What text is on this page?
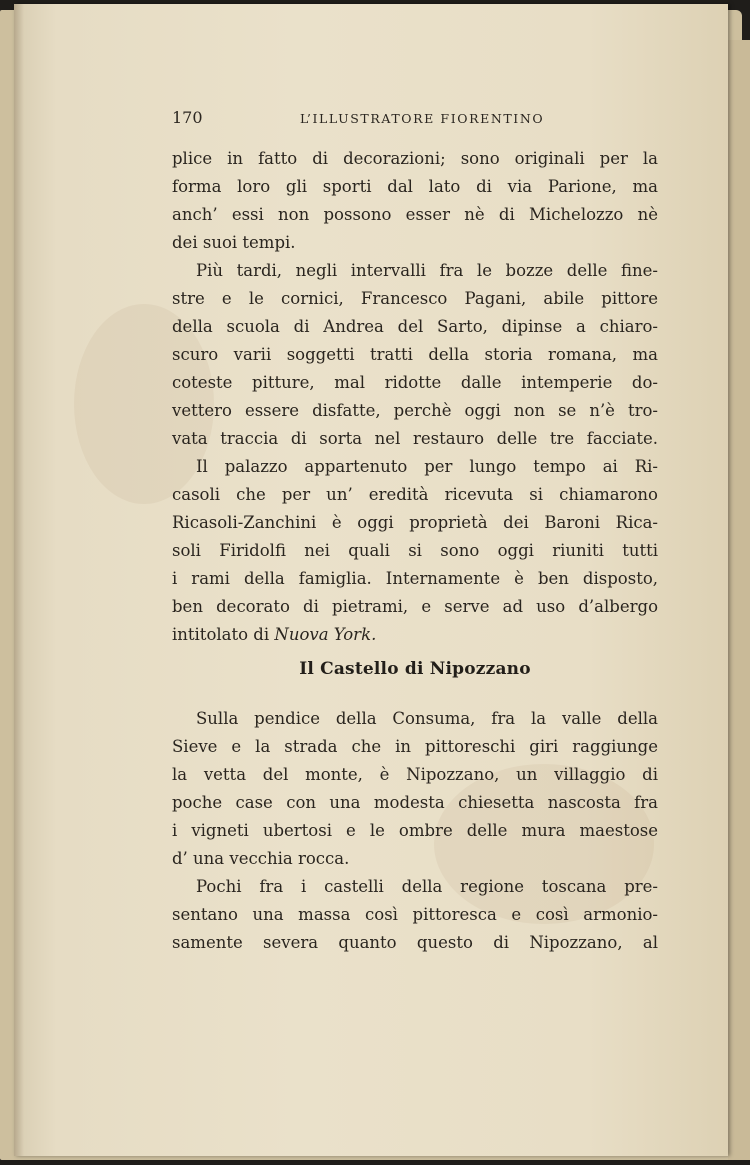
170	L’ILLUSTRATORE FIORENTINO
plice in fatto di decorazioni; sono originali per la
forma loro gli sporti dal lato di via Parione, ma
anch’ essi non possono esser nè di Michelozzo nè
dei suoi tempi.
Più tardi, negli intervalli fra le bozze delle fine-
stre e le cornici, Francesco Pagani, abile pittore
della scuola di Andrea del Sarto, dipinse a chiaro-
scuro varii soggetti tratti della storia romana, ma
coteste pitture, mal ridotte dalle intemperie do-
vettero essere disfatte, perchè oggi non se n’è tro-
vata traccia di sorta nel restauro delle tre facciate.
Il palazzo appartenuto per lungo tempo ai Ri-
casoli che per un’ eredità ricevuta si chiamarono
Ricasoli-Zanchini è oggi proprietà dei Baroni Rica-
soli Firidolfi nei quali si sono oggi riuniti tutti
i rami della famiglia. Internamente è ben disposto,
ben decorato di pietrami, e serve ad uso d’albergo
intitolato di Nuova York.
Il Castello di Nipozzano
Sulla pendice della Consuma, fra la valle della
Sieve e la strada che in pittoreschi giri raggiunge
la vetta del monte, è Nipozzano, un villaggio di
poche case con una modesta chiesetta nascosta fra
i vigneti ubertosi e le ombre delle mura maestose
d’ una vecchia rocca.
Pochi fra i castelli della regione toscana pre-
sentano una massa così pittoresca e così armonio-
samente severa quanto questo di Nipozzano, al
